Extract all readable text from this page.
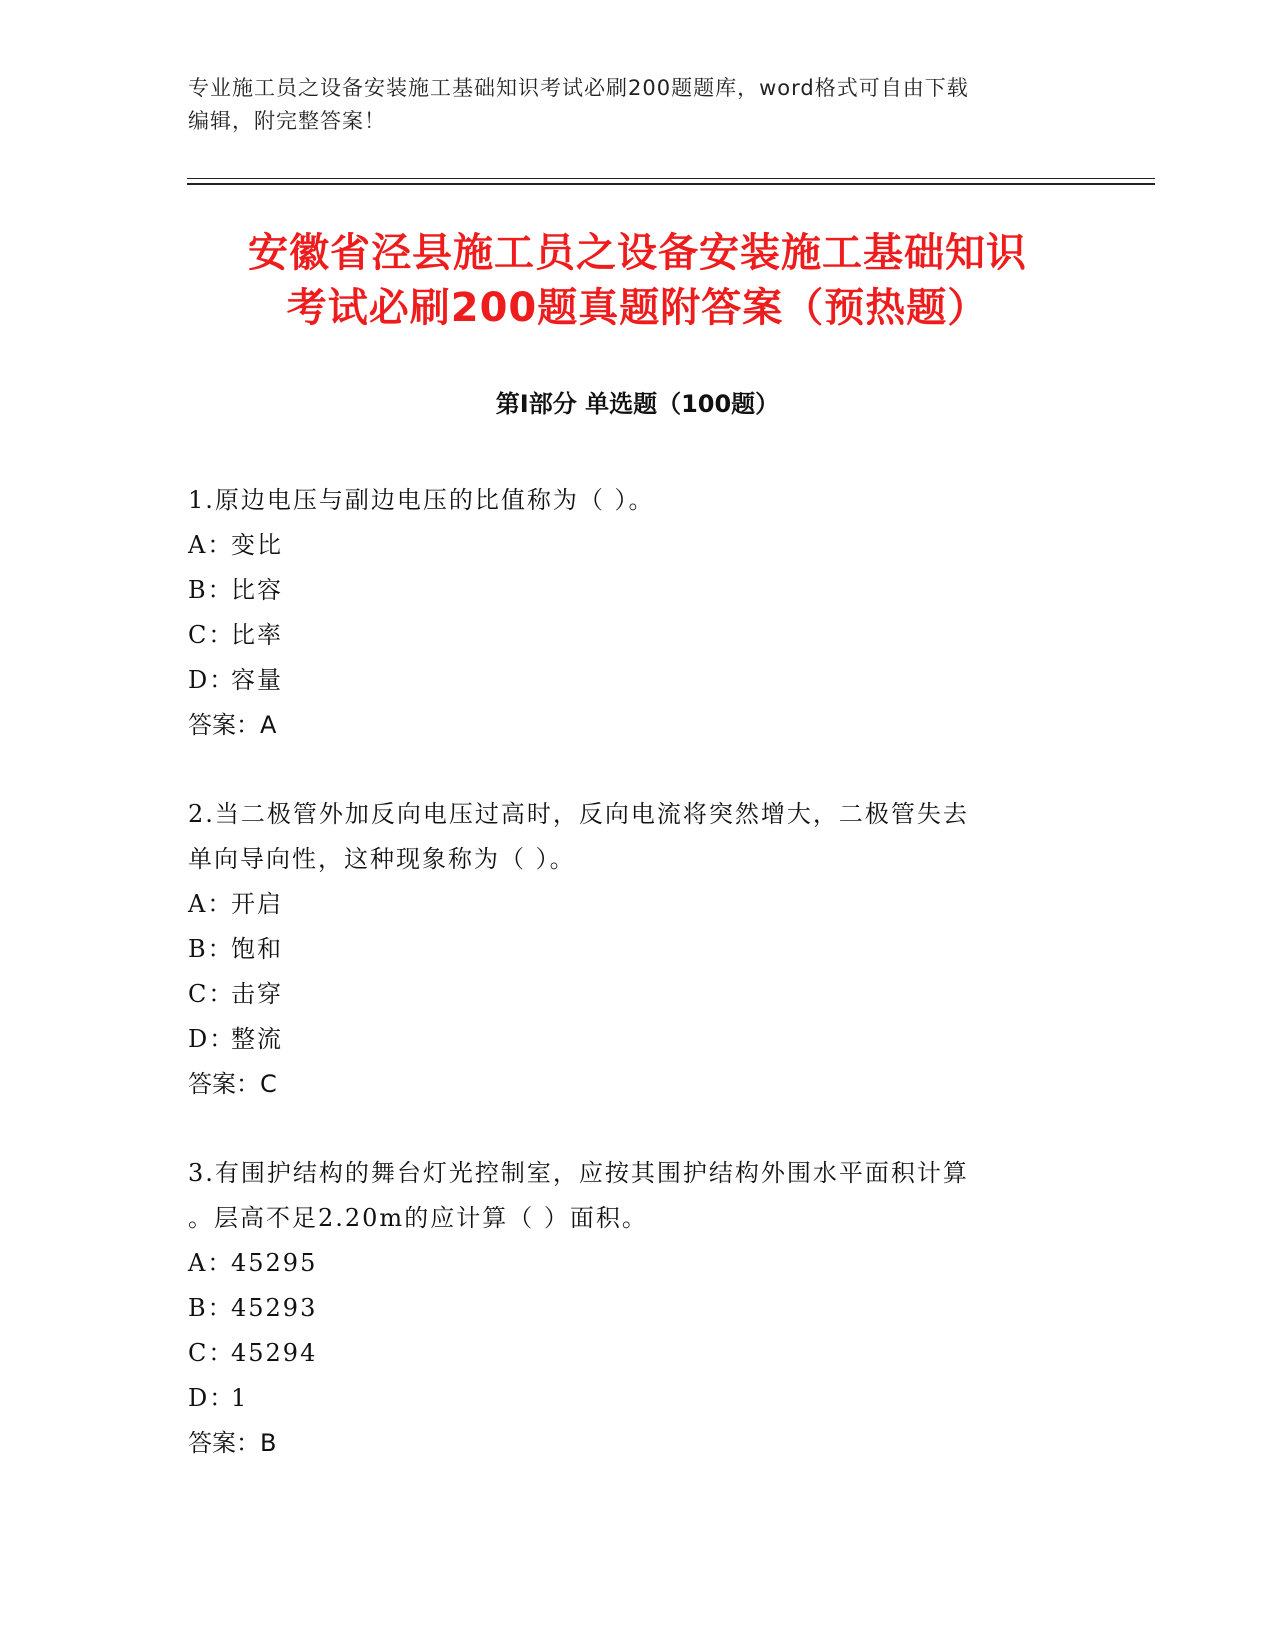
专业施工员之设备安装施工基础知识考试必刷200题题库，word格式可自由下载
编辑，附完整答案！
安徽省泾县施工员之设备安装施工基础知识
考试必刷200题真题附答案（预热题）
第I部分 单选题（100题）

1.原边电压与副边电压的比值称为（ ）。

A：变比

B：比容

C：比率

D：容量

答案：A

2.当二极管外加反向电压过高时，反向电流将突然增大，二极管失去

单向导向性，这种现象称为（ ）。

A：开启

B：饱和

C：击穿

D：整流

答案：C

3.有围护结构的舞台灯光控制室，应按其围护结构外围水平面积计算

。层高不足2.20m的应计算（ ）面积。

A：45295

B：45293

C：45294

D：1

答案：B
